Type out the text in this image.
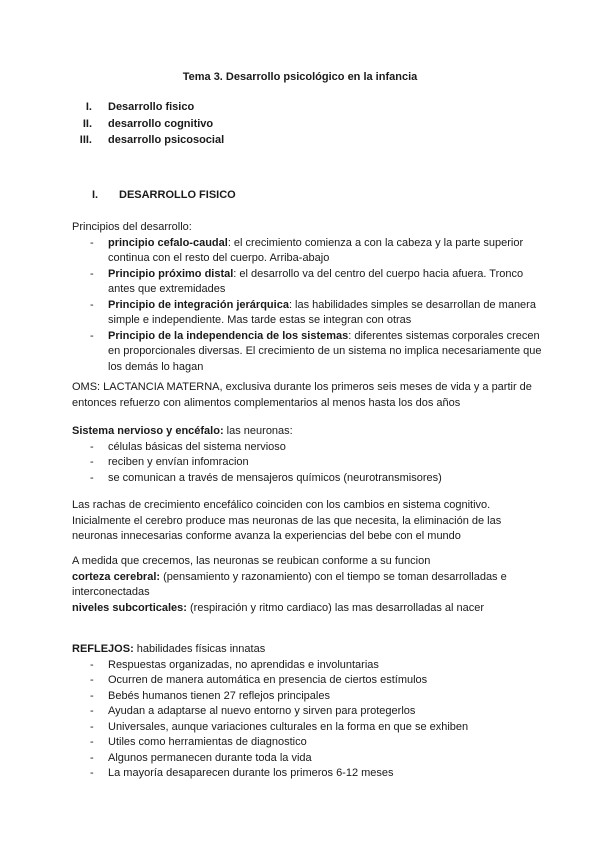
Tema 3. Desarrollo psicológico en la infancia
I. Desarrollo fisico
II. desarrollo cognitivo
III. desarrollo psicosocial
I. DESARROLLO FISICO

Principios del desarrollo:

- principio cefalo-caudal: el crecimiento comienza a con la cabeza y la parte superior continua con el resto del cuerpo. Arriba-abajo
- Principio próximo distal: el desarrollo va del centro del cuerpo hacia afuera. Tronco antes que extremidades
- Principio de integración jerárquica: las habilidades simples se desarrollan de manera simple e independiente. Mas tarde estas se integran con otras
- Principio de la independencia de los sistemas: diferentes sistemas corporales crecen en proporcionales diversas. El crecimiento de un sistema no implica necesariamente que los demás lo hagan

OMS: LACTANCIA MATERNA, exclusiva durante los primeros seis meses de vida y a partir de entonces refuerzo con alimentos complementarios al menos hasta los dos años

Sistema nervioso y encéfalo: las neuronas:

- células básicas del sistema nervioso
- reciben y envían infomracion
- se comunican a través de mensajeros químicos (neurotransmisores)

Las rachas de crecimiento encefálico coinciden con los cambios en sistema cognitivo. Inicialmente el cerebro produce mas neuronas de las que necesita, la eliminación de las neuronas innecesarias conforme avanza la experiencias del bebe con el mundo

A medida que crecemos, las neuronas se reubican conforme a su funcion

corteza cerebral: (pensamiento y razonamiento) con el tiempo se toman desarrolladas e interconectadas

niveles subcorticales: (respiración y ritmo cardiaco) las mas desarrolladas al nacer

REFLEJOS: habilidades físicas innatas

- Respuestas organizadas, no aprendidas e involuntarias
- Ocurren de manera automática en presencia de ciertos estímulos
- Bebés humanos tienen 27 reflejos principales
- Ayudan a adaptarse al nuevo entorno y sirven para protegerlos
- Universales, aunque variaciones culturales en la forma en que se exhiben
- Utiles como herramientas de diagnostico
- Algunos permanecen durante toda la vida
- La mayoría desaparecen durante los primeros 6-12 meses
